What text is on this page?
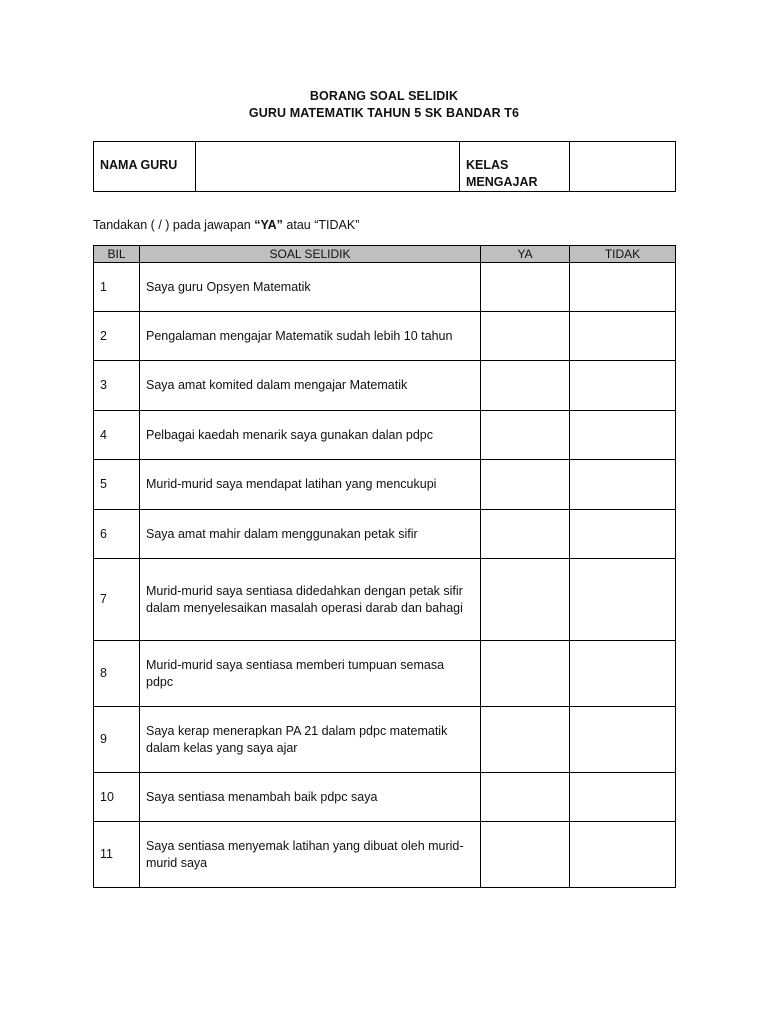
BORANG SOAL SELIDIK
GURU MATEMATIK TAHUN 5 SK BANDAR T6
NAMA GURU		KELAS MENGAJAR	
Tandakan ( / ) pada jawapan “YA” atau “TIDAK”
BIL	SOAL SELIDIK	YA	TIDAK
1	Saya guru Opsyen Matematik		
2	Pengalaman mengajar Matematik sudah lebih 10 tahun		
3	Saya amat komited dalam mengajar Matematik		
4	Pelbagai kaedah menarik saya gunakan dalan pdpc		
5	Murid-murid saya mendapat latihan yang mencukupi		
6	Saya amat mahir dalam menggunakan petak sifir		
7	Murid-murid saya sentiasa didedahkan dengan petak sifir dalam menyelesaikan masalah operasi darab dan bahagi		
8	Murid-murid saya sentiasa memberi tumpuan semasa pdpc		
9	Saya kerap menerapkan PA 21 dalam pdpc matematik dalam kelas yang saya ajar		
10	Saya sentiasa menambah baik pdpc saya		
11	Saya sentiasa menyemak latihan yang dibuat oleh murid-murid saya		
